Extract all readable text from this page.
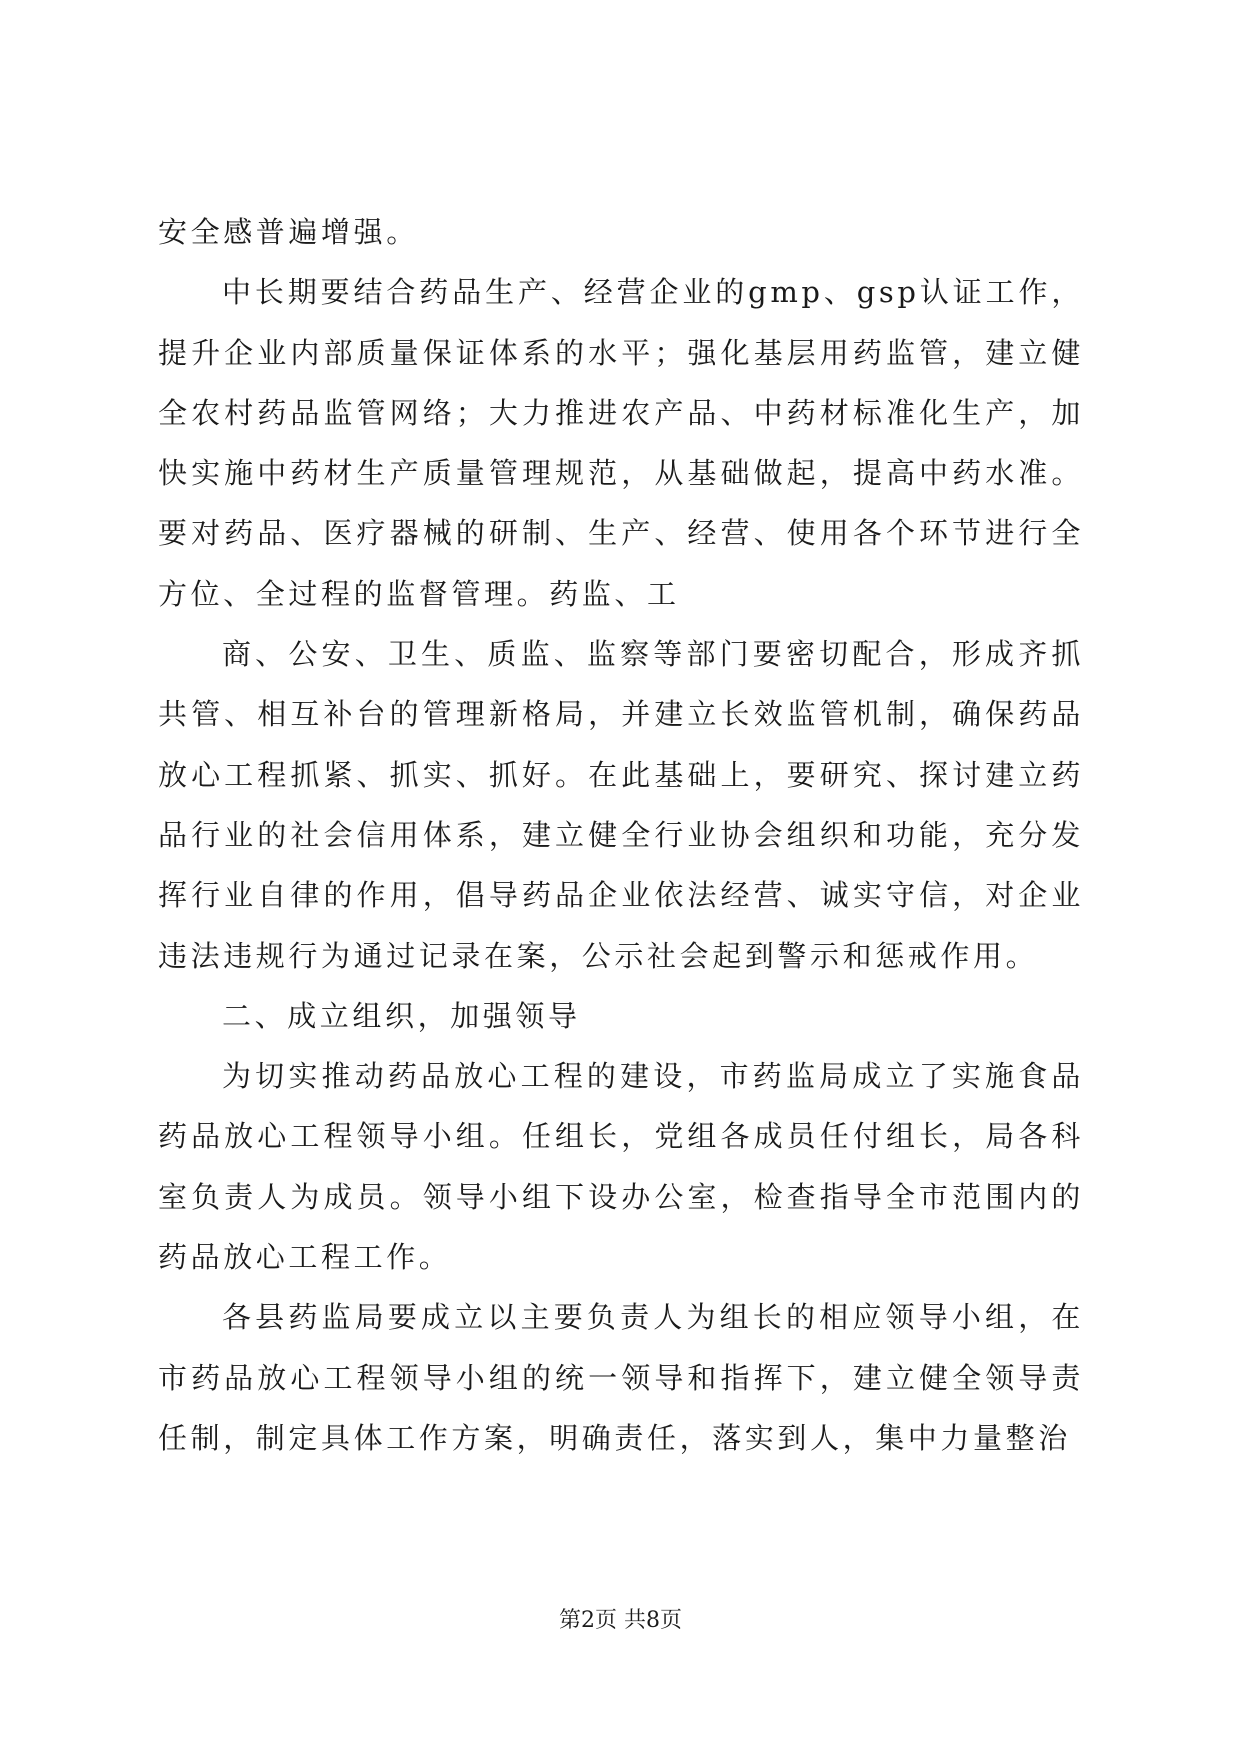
安全感普遍增强。

中长期要结合药品生产、经营企业的gmp、gsp认证工作，提升企业内部质量保证体系的水平；强化基层用药监管，建立健全农村药品监管网络；大力推进农产品、中药材标准化生产，加快实施中药材生产质量管理规范，从基础做起，提高中药水准。要对药品、医疗器械的研制、生产、经营、使用各个环节进行全方位、全过程的监督管理。药监、工

商、公安、卫生、质监、监察等部门要密切配合，形成齐抓共管、相互补台的管理新格局，并建立长效监管机制，确保药品放心工程抓紧、抓实、抓好。在此基础上，要研究、探讨建立药品行业的社会信用体系，建立健全行业协会组织和功能，充分发挥行业自律的作用，倡导药品企业依法经营、诚实守信，对企业违法违规行为通过记录在案，公示社会起到警示和惩戒作用。

二、成立组织，加强领导

为切实推动药品放心工程的建设，市药监局成立了实施食品药品放心工程领导小组。任组长，党组各成员任付组长，局各科室负责人为成员。领导小组下设办公室，检查指导全市范围内的药品放心工程工作。

各县药监局要成立以主要负责人为组长的相应领导小组，在市药品放心工程领导小组的统一领导和指挥下，建立健全领导责任制，制定具体工作方案，明确责任，落实到人，集中力量整治

第2页 共8页
